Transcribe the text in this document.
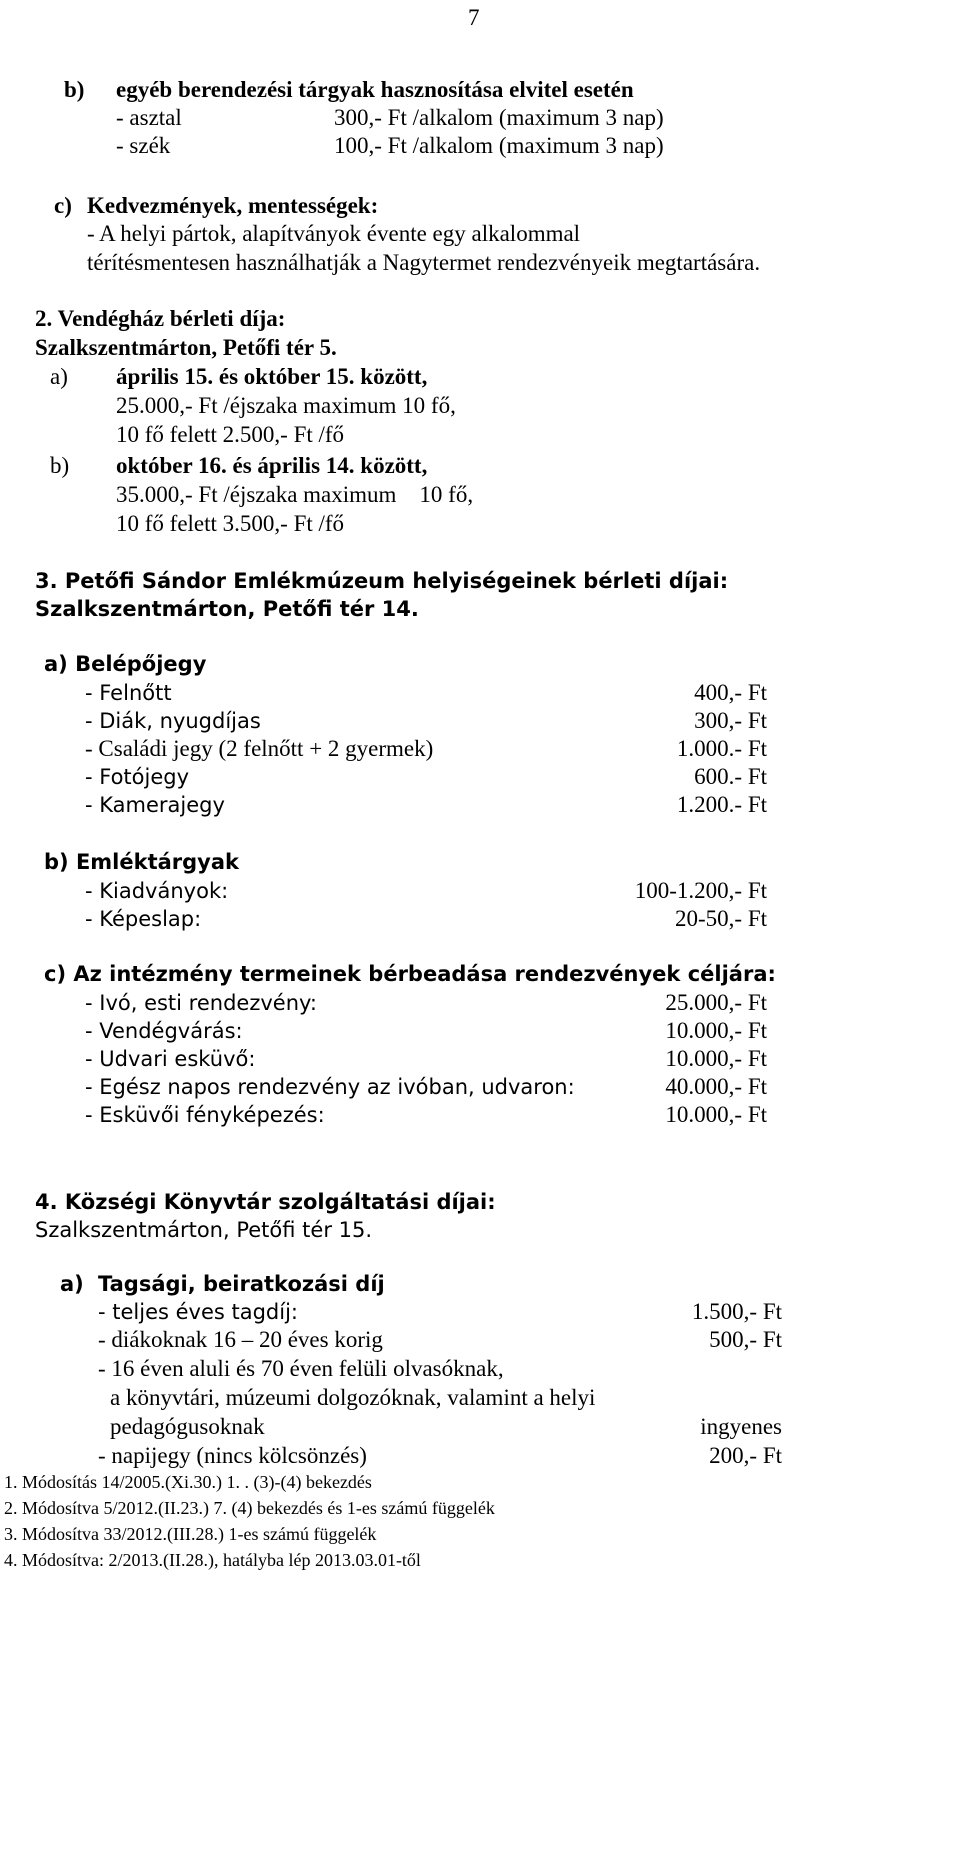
7
b) egyéb berendezési tárgyak hasznosítása elvitel esetén
- asztal	300,- Ft /alkalom (maximum 3 nap)
- szék	100,- Ft /alkalom (maximum 3 nap)
c) Kedvezmények, mentességek:
- A helyi pártok, alapítványok évente egy alkalommal
térítésmentesen használhatják a Nagytermet rendezvényeik megtartására.
2. Vendégház bérleti díja:
Szalkszentmárton, Petőfi tér 5.
a) április 15. és október 15. között,
25.000,- Ft /éjszaka maximum 10 fő,
10 fő felett 2.500,- Ft /fő
b) október 16. és április 14. között,
35.000,- Ft /éjszaka maximum    10 fő,
10 fő felett 3.500,- Ft /fő
3. Petőfi Sándor Emlékmúzeum helyiségeinek bérleti díjai:
Szalkszentmárton, Petőfi tér 14.
a) Belépőjegy
- Felnőtt	400,- Ft
- Diák, nyugdíjas	300,- Ft
- Családi jegy (2 felnőtt + 2 gyermek)	1.000.- Ft
- Fotójegy	600.- Ft
- Kamerajegy	1.200.- Ft
b) Emléktárgyak
- Kiadványok:	100-1.200,- Ft
- Képeslap:	20-50,- Ft
c) Az intézmény termeinek bérbeadása rendezvények céljára:
- Ivó, esti rendezvény:	25.000,- Ft
- Vendégvárás:	10.000,- Ft
- Udvari esküvő:	10.000,- Ft
- Egész napos rendezvény az ivóban, udvaron:	40.000,- Ft
- Esküvői fényképezés:	10.000,- Ft
4. Községi Könyvtár szolgáltatási díjai:
Szalkszentmárton, Petőfi tér 15.
a) Tagsági, beiratkozási díj
- teljes éves tagdíj:	1.500,- Ft
- diákoknak 16 – 20 éves korig	500,- Ft
- 16 éven aluli és 70 éven felüli olvasóknak,
a könyvtári, múzeumi dolgozóknak, valamint a helyi
pedagógusoknak	ingyenes
- napijegy (nincs kölcsönzés)	200,- Ft
1. Módosítás 14/2005.(Xi.30.) 1. . (3)-(4) bekezdés
2. Módosítva 5/2012.(II.23.) 7. (4) bekezdés és 1-es számú függelék
3. Módosítva 33/2012.(III.28.) 1-es számú függelék
4. Módosítva: 2/2013.(II.28.), hatályba lép 2013.03.01-től
